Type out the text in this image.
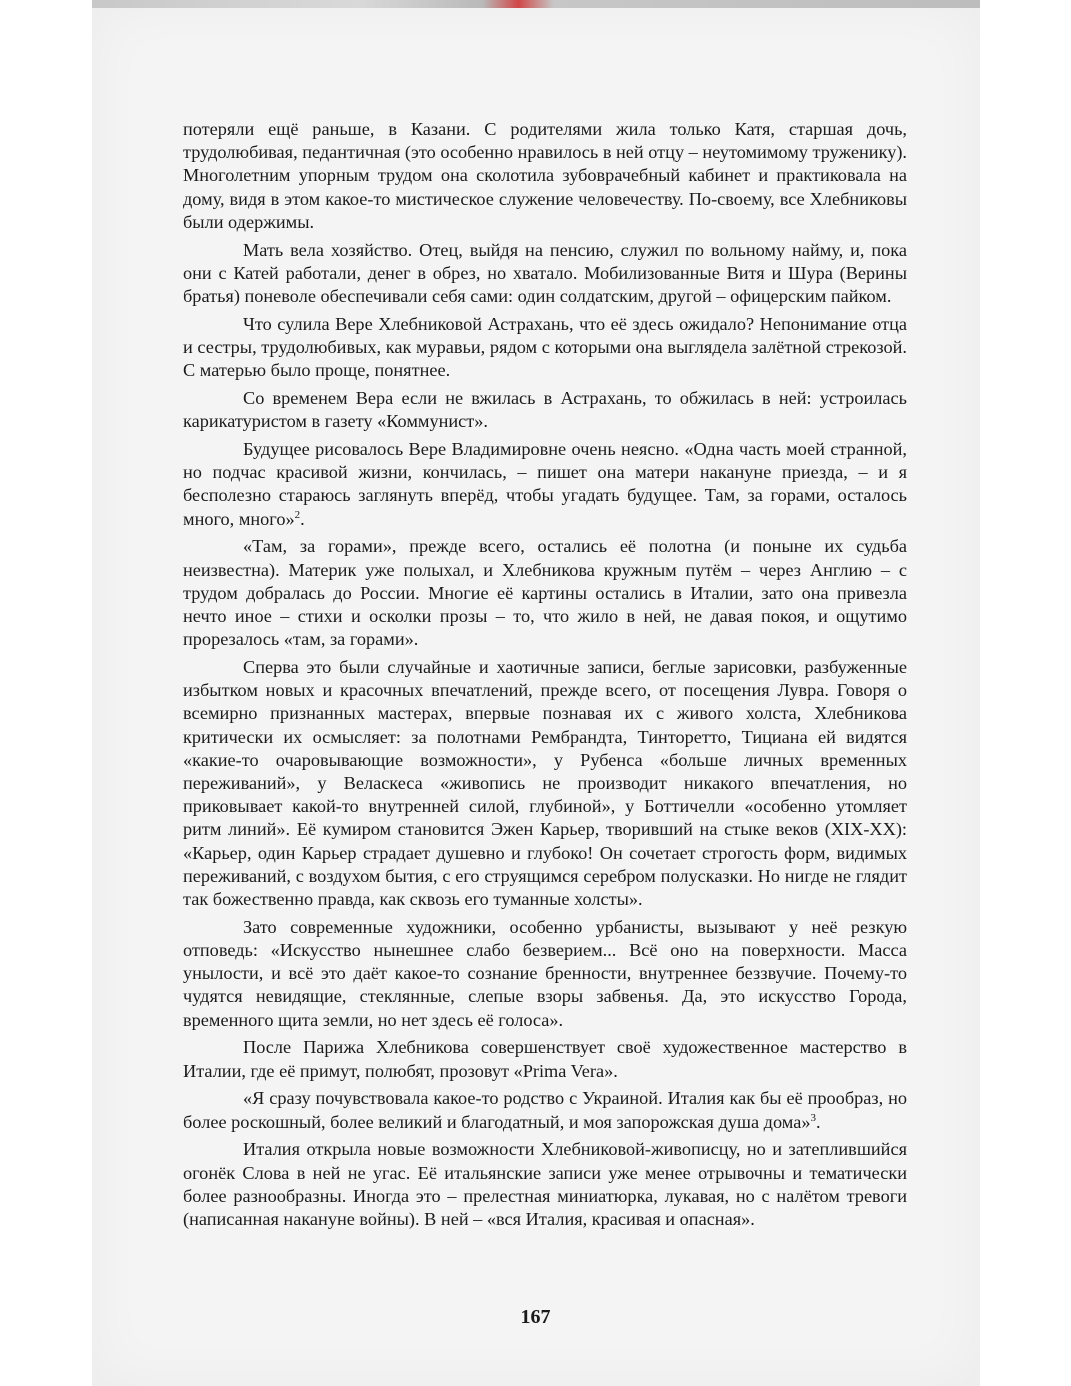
потеряли ещё раньше, в Казани. С родителями жила только Катя, старшая дочь, трудолюбивая, педантичная (это особенно нравилось в ней отцу – неутомимому труженику). Многолетним упорным трудом она сколотила зубоврачебный кабинет и практиковала на дому, видя в этом какое-то мистическое служение человечеству. По-своему, все Хлебниковы были одержимы.

Мать вела хозяйство. Отец, выйдя на пенсию, служил по вольному найму, и, пока они с Катей работали, денег в обрез, но хватало. Мобилизованные Витя и Шура (Верины братья) поневоле обеспечивали себя сами: один солдатским, другой – офицерским пайком.

Что сулила Вере Хлебниковой Астрахань, что её здесь ожидало? Непонимание отца и сестры, трудолюбивых, как муравьи, рядом с которыми она выглядела залётной стрекозой. С матерью было проще, понятнее.

Со временем Вера если не вжилась в Астрахань, то обжилась в ней: устроилась карикатуристом в газету «Коммунист».

Будущее рисовалось Вере Владимировне очень неясно. «Одна часть моей странной, но подчас красивой жизни, кончилась, – пишет она матери накануне приезда, – и я бесполезно стараюсь заглянуть вперёд, чтобы угадать будущее. Там, за горами, осталось много, много»$^2$.

«Там, за горами», прежде всего, остались её полотна (и поныне их судьба неизвестна). Материк уже полыхал, и Хлебникова кружным путём – через Англию – с трудом добралась до России. Многие её картины остались в Италии, зато она привезла нечто иное – стихи и осколки прозы – то, что жило в ней, не давая покоя, и ощутимо прорезалось «там, за горами».

Сперва это были случайные и хаотичные записи, беглые зарисовки, разбуженные избытком новых и красочных впечатлений, прежде всего, от посещения Лувра. Говоря о всемирно признанных мастерах, впервые познавая их с живого холста, Хлебникова критически их осмысляет: за полотнами Рембрандта, Тинторетто, Тициана ей видятся «какие-то очаровывающие возможности», у Рубенса «больше личных временных переживаний», у Веласкеса «живопись не производит никакого впечатления, но приковывает какой-то внутренней силой, глубиной», у Боттичелли «особенно утомляет ритм линий». Её кумиром становится Эжен Карьер, творивший на стыке веков (XIX-XX): «Карьер, один Карьер страдает душевно и глубоко! Он сочетает строгость форм, видимых переживаний, с воздухом бытия, с его струящимся серебром полусказки. Но нигде не глядит так божественно правда, как сквозь его туманные холсты».

Зато современные художники, особенно урбанисты, вызывают у неё резкую отповедь: «Искусство нынешнее слабо безверием... Всё оно на поверхности. Масса унылости, и всё это даёт какое-то сознание бренности, внутреннее беззвучие. Почему-то чудятся невидящие, стеклянные, слепые взоры забвенья. Да, это искусство Города, временного щита земли, но нет здесь её голоса».

После Парижа Хлебникова совершенствует своё художественное мастерство в Италии, где её примут, полюбят, прозовут «Prima Vera».

«Я сразу почувствовала какое-то родство с Украиной. Италия как бы её прообраз, но более роскошный, более великий и благодатный, и моя запорожская душа дома»$^3$.

Италия открыла новые возможности Хлебниковой-живописцу, но и затеплившийся огонёк Слова в ней не угас. Её итальянские записи уже менее отрывочны и тематически более разнообразны. Иногда это – прелестная миниатюрка, лукавая, но с налётом тревоги (написанная накануне войны). В ней – «вся Италия, красивая и опасная».

167
